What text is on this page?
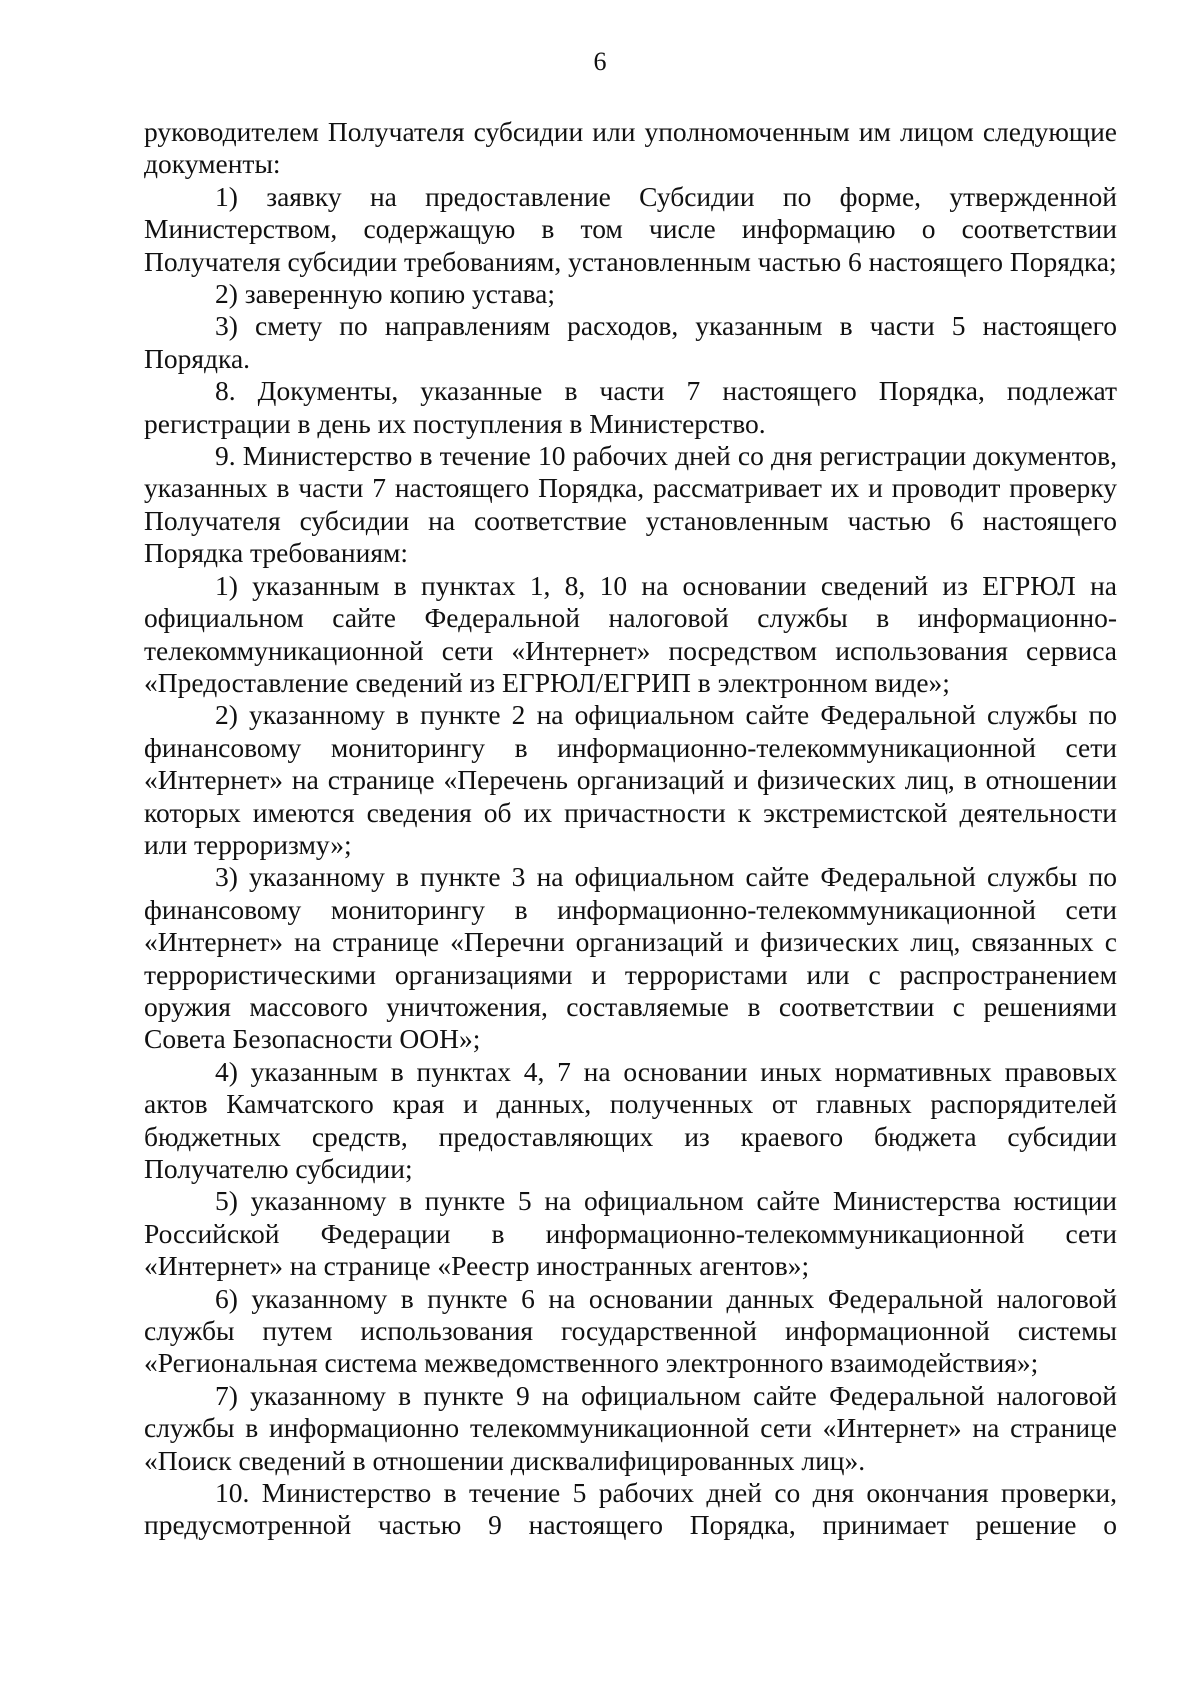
6

руководителем Получателя субсидии или уполномоченным им лицом следующие документы:

1) заявку на предоставление Субсидии по форме, утвержденной Министерством, содержащую в том числе информацию о соответствии Получателя субсидии требованиям, установленным частью 6 настоящего Порядка;

2) заверенную копию устава;

3) смету по направлениям расходов, указанным в части 5 настоящего Порядка.

8. Документы, указанные в части 7 настоящего Порядка, подлежат регистрации в день их поступления в Министерство.

9. Министерство в течение 10 рабочих дней со дня регистрации документов, указанных в части 7 настоящего Порядка, рассматривает их и проводит проверку Получателя субсидии на соответствие установленным частью 6 настоящего Порядка требованиям:

1) указанным в пунктах 1, 8, 10 на основании сведений из ЕГРЮЛ на официальном сайте Федеральной налоговой службы в информационно-телекоммуникационной сети «Интернет» посредством использования сервиса «Предоставление сведений из ЕГРЮЛ/ЕГРИП в электронном виде»;

2) указанному в пункте 2 на официальном сайте Федеральной службы по финансовому мониторингу в информационно-телекоммуникационной сети «Интернет» на странице «Перечень организаций и физических лиц, в отношении которых имеются сведения об их причастности к экстремистской деятельности или терроризму»;

3) указанному в пункте 3 на официальном сайте Федеральной службы по финансовому мониторингу в информационно-телекоммуникационной сети «Интернет» на странице «Перечни организаций и физических лиц, связанных с террористическими организациями и террористами или с распространением оружия массового уничтожения, составляемые в соответствии с решениями Совета Безопасности ООН»;

4) указанным в пунктах 4, 7 на основании иных нормативных правовых актов Камчатского края и данных, полученных от главных распорядителей бюджетных средств, предоставляющих из краевого бюджета субсидии Получателю субсидии;

5) указанному в пункте 5 на официальном сайте Министерства юстиции Российской Федерации в информационно-телекоммуникационной сети «Интернет» на странице «Реестр иностранных агентов»;

6) указанному в пункте 6 на основании данных Федеральной налоговой службы путем использования государственной информационной системы «Региональная система межведомственного электронного взаимодействия»;

7) указанному в пункте 9 на официальном сайте Федеральной налоговой службы в информационно телекоммуникационной сети «Интернет» на странице «Поиск сведений в отношении дисквалифицированных лиц».

10. Министерство в течение 5 рабочих дней со дня окончания проверки, предусмотренной частью 9 настоящего Порядка, принимает решение о
